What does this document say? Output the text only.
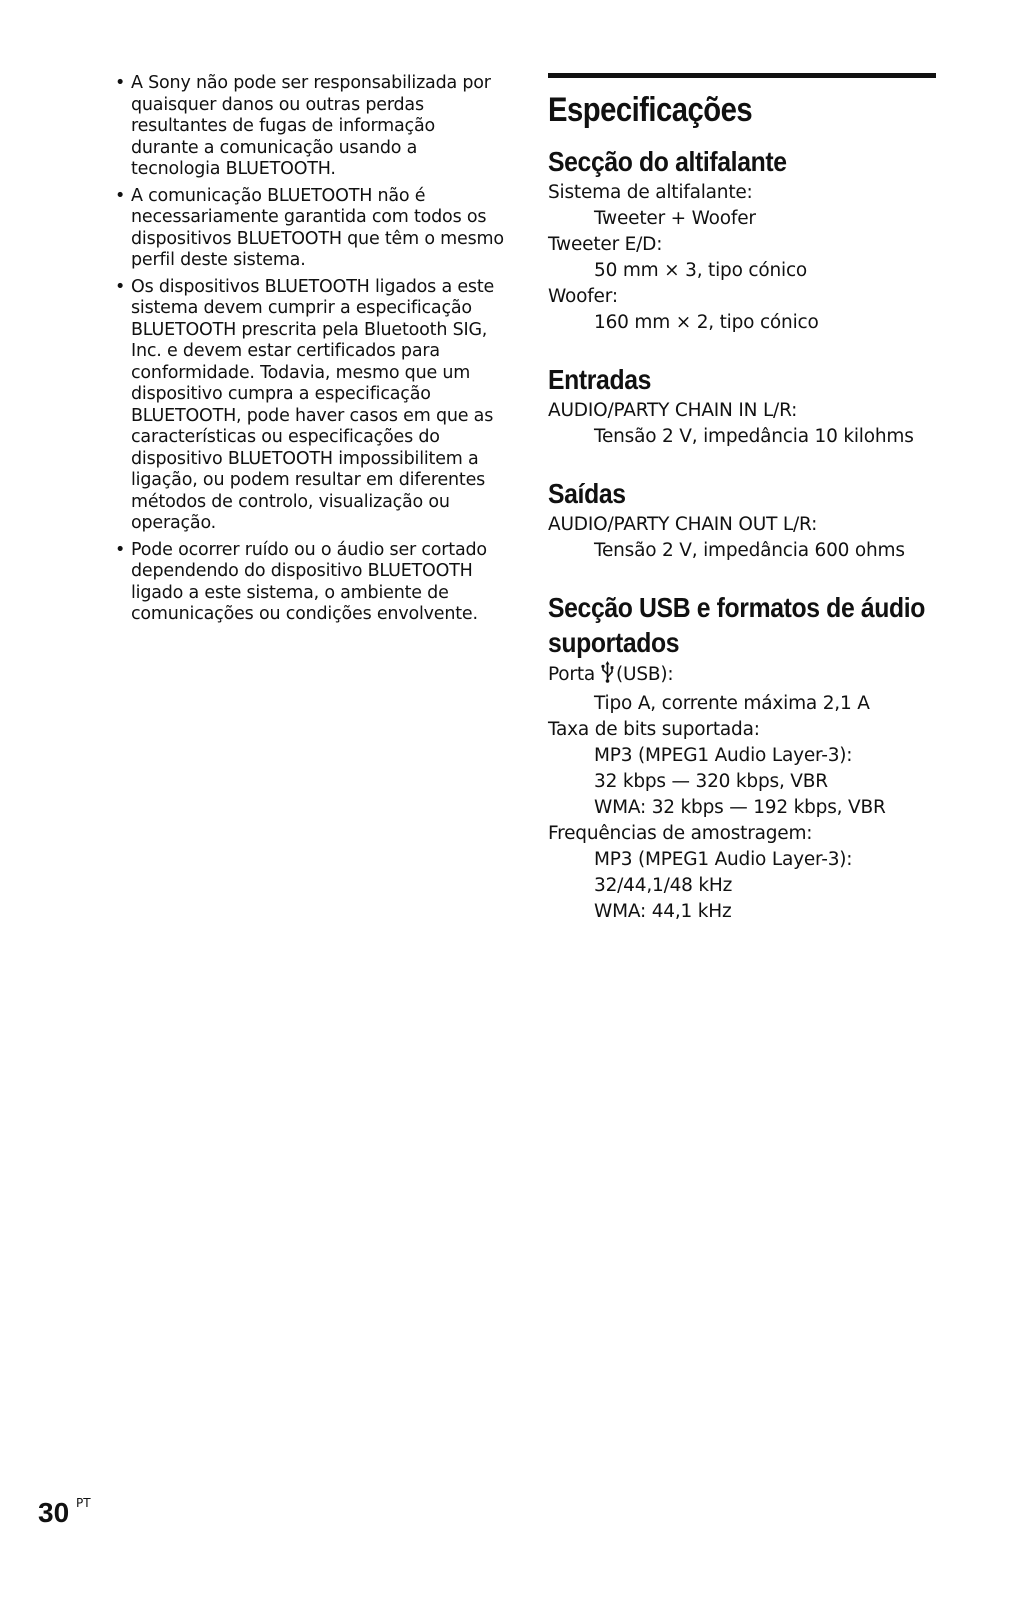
• A Sony não pode ser responsabilizada por quaisquer danos ou outras perdas resultantes de fugas de informação durante a comunicação usando a tecnologia BLUETOOTH.
• A comunicação BLUETOOTH não é necessariamente garantida com todos os dispositivos BLUETOOTH que têm o mesmo perfil deste sistema.
• Os dispositivos BLUETOOTH ligados a este sistema devem cumprir a especificação BLUETOOTH prescrita pela Bluetooth SIG, Inc. e devem estar certificados para conformidade. Todavia, mesmo que um dispositivo cumpra a especificação BLUETOOTH, pode haver casos em que as características ou especificações do dispositivo BLUETOOTH impossibilitem a ligação, ou podem resultar em diferentes métodos de controlo, visualização ou operação.
• Pode ocorrer ruído ou o áudio ser cortado dependendo do dispositivo BLUETOOTH ligado a este sistema, o ambiente de comunicações ou condições envolvente.
Especificações
Secção do altifalante
Sistema de altifalante:
Tweeter + Woofer
Tweeter E/D:
50 mm × 3, tipo cónico
Woofer:
160 mm × 2, tipo cónico
Entradas
AUDIO/PARTY CHAIN IN L/R:
Tensão 2 V, impedância 10 kilohms
Saídas
AUDIO/PARTY CHAIN OUT L/R:
Tensão 2 V, impedância 600 ohms
Secção USB e formatos de áudio suportados
Porta (USB):
Tipo A, corrente máxima 2,1 A
Taxa de bits suportada:
MP3 (MPEG1 Audio Layer-3):
32 kbps — 320 kbps, VBR
WMA: 32 kbps — 192 kbps, VBR
Frequências de amostragem:
MP3 (MPEG1 Audio Layer-3):
32/44,1/48 kHz
WMA: 44,1 kHz
30 PT
